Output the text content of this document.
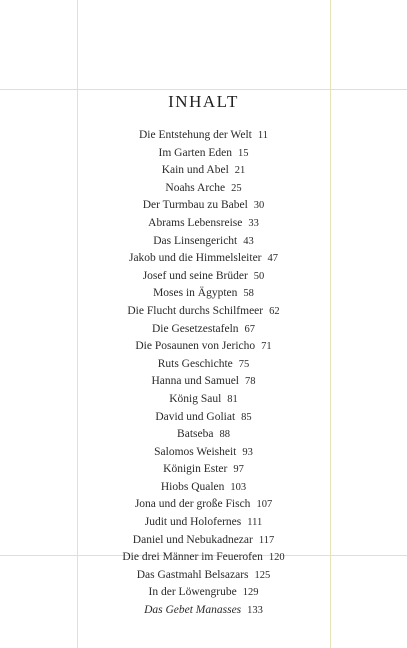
INHALT
Die Entstehung der Welt 11
Im Garten Eden 15
Kain und Abel 21
Noahs Arche 25
Der Turmbau zu Babel 30
Abrams Lebensreise 33
Das Linsengericht 43
Jakob und die Himmelsleiter 47
Josef und seine Brüder 50
Moses in Ägypten 58
Die Flucht durchs Schilfmeer 62
Die Gesetzestafeln 67
Die Posaunen von Jericho 71
Ruts Geschichte 75
Hanna und Samuel 78
König Saul 81
David und Goliat 85
Batseba 88
Salomos Weisheit 93
Königin Ester 97
Hiobs Qualen 103
Jona und der große Fisch 107
Judit und Holofernes 111
Daniel und Nebukadnezar 117
Die drei Männer im Feuerofen 120
Das Gastmahl Belsazars 125
In der Löwengrube 129
Das Gebet Manasses 133
